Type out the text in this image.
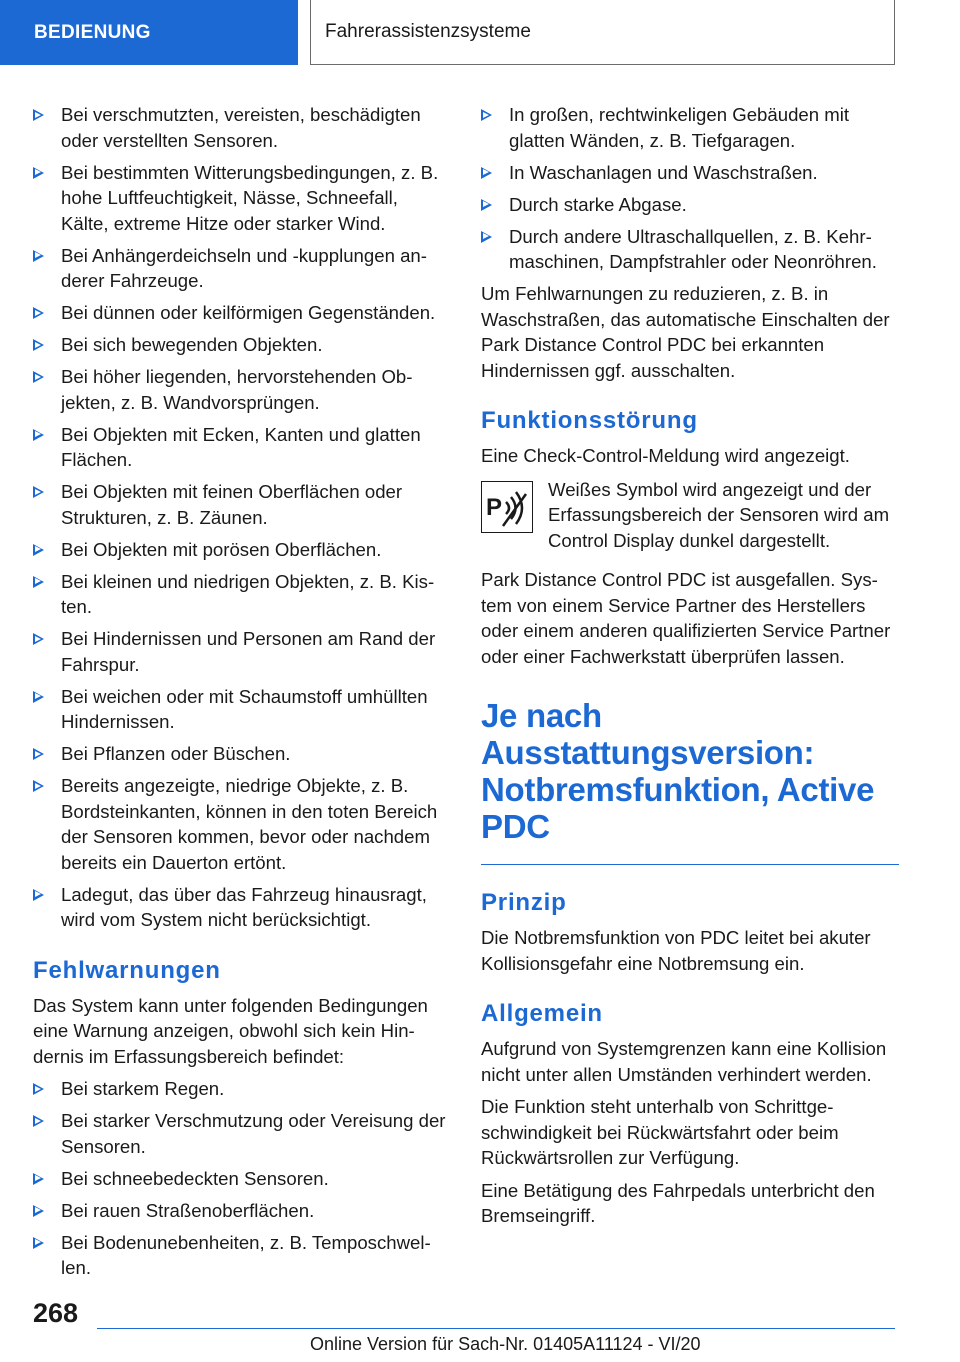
BEDIENUNG	Fahrerassistenzsysteme
Bei verschmutzten, vereisten, beschädigten oder verstellten Sensoren.
Bei bestimmten Witterungsbedingungen, z. B. hohe Luftfeuchtigkeit, Nässe, Schneefall, Kälte, extreme Hitze oder starker Wind.
Bei Anhängerdeichseln und -kupplungen anderer Fahrzeuge.
Bei dünnen oder keilförmigen Gegenständen.
Bei sich bewegenden Objekten.
Bei höher liegenden, hervorstehenden Objekten, z. B. Wandvorsprüngen.
Bei Objekten mit Ecken, Kanten und glatten Flächen.
Bei Objekten mit feinen Oberflächen oder Strukturen, z. B. Zäunen.
Bei Objekten mit porösen Oberflächen.
Bei kleinen und niedrigen Objekten, z. B. Kisten.
Bei Hindernissen und Personen am Rand der Fahrspur.
Bei weichen oder mit Schaumstoff umhüllten Hindernissen.
Bei Pflanzen oder Büschen.
Bereits angezeigte, niedrige Objekte, z. B. Bordsteinkanten, können in den toten Bereich der Sensoren kommen, bevor oder nachdem bereits ein Dauerton ertönt.
Ladegut, das über das Fahrzeug hinausragt, wird vom System nicht berücksichtigt.
Fehlwarnungen

Das System kann unter folgenden Bedingungen eine Warnung anzeigen, obwohl sich kein Hindernis im Erfassungsbereich befindet:

Bei starkem Regen.
Bei starker Verschmutzung oder Vereisung der Sensoren.
Bei schneebedeckten Sensoren.
Bei rauen Straßenoberflächen.
Bei Bodenunebenheiten, z. B. Temposchwellen.
In großen, rechtwinkeligen Gebäuden mit glatten Wänden, z. B. Tiefgaragen.
In Waschanlagen und Waschstraßen.
Durch starke Abgase.
Durch andere Ultraschallquellen, z. B. Kehrmaschinen, Dampfstrahler oder Neonröhren.

Um Fehlwarnungen zu reduzieren, z. B. in Waschstraßen, das automatische Einschalten der Park Distance Control PDC bei erkannten Hindernissen ggf. ausschalten.

Funktionsstörung

Eine Check-Control-Meldung wird angezeigt.

P

Weißes Symbol wird angezeigt und der Erfassungsbereich der Sensoren wird am Control Display dunkel dargestellt.

Park Distance Control PDC ist ausgefallen. System von einem Service Partner des Herstellers oder einem anderen qualifizierten Service Partner oder einer Fachwerkstatt überprüfen lassen.

Je nach Ausstattungsversion: Notbremsfunktion, Active PDC
Prinzip

Die Notbremsfunktion von PDC leitet bei akuter Kollisionsgefahr eine Notbremsung ein.

Allgemein

Aufgrund von Systemgrenzen kann eine Kollision nicht unter allen Umständen verhindert werden.

Die Funktion steht unterhalb von Schrittgeschwindigkeit bei Rückwärtsfahrt oder beim Rückwärtsrollen zur Verfügung.

Eine Betätigung des Fahrpedals unterbricht den Bremseingriff.

268
Online Version für Sach-Nr. 01405A11124 - VI/20
